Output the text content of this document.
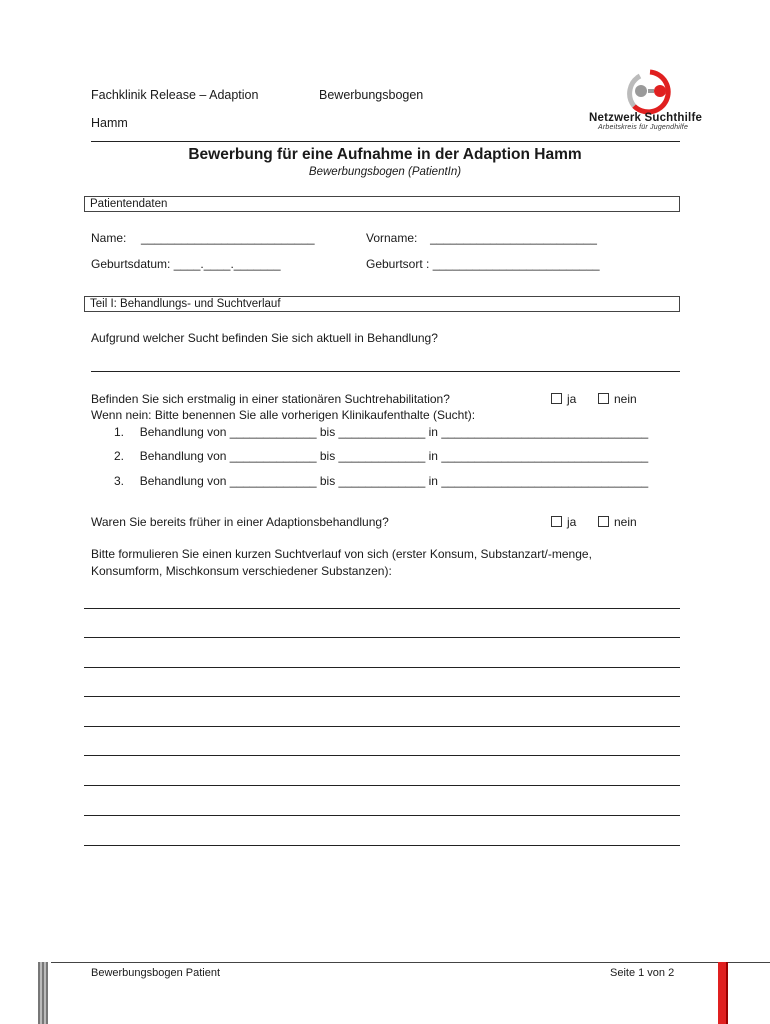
Fachklinik Release – Adaption
Hamm
Bewerbungsbogen
Netzwerk Suchthilfe
Arbeitskreis für Jugendhilfe
Bewerbung für eine Aufnahme in der Adaption Hamm
Bewerbungsbogen (PatientIn)
Patientendaten
Name: __________________________	Vorname: _________________________
Geburtsdatum: ____.____._______	Geburtsort : _________________________
Teil I: Behandlungs- und Suchtverlauf
Aufgrund welcher Sucht befinden Sie sich aktuell in Behandlung?
Befinden Sie sich erstmalig in einer stationären Suchtrehabilitation?	ja	nein
Wenn nein: Bitte benennen Sie alle vorherigen Klinikaufenthalte (Sucht):
1. Behandlung von _____________ bis _____________ in _______________________________
2. Behandlung von _____________ bis _____________ in _______________________________
3. Behandlung von _____________ bis _____________ in _______________________________
Waren Sie bereits früher in einer Adaptionsbehandlung?	ja	nein
Bitte formulieren Sie einen kurzen Suchtverlauf von sich (erster Konsum, Substanzart/-menge,
Konsumform, Mischkonsum verschiedener Substanzen):
Bewerbungsbogen Patient	Seite 1 von 2
